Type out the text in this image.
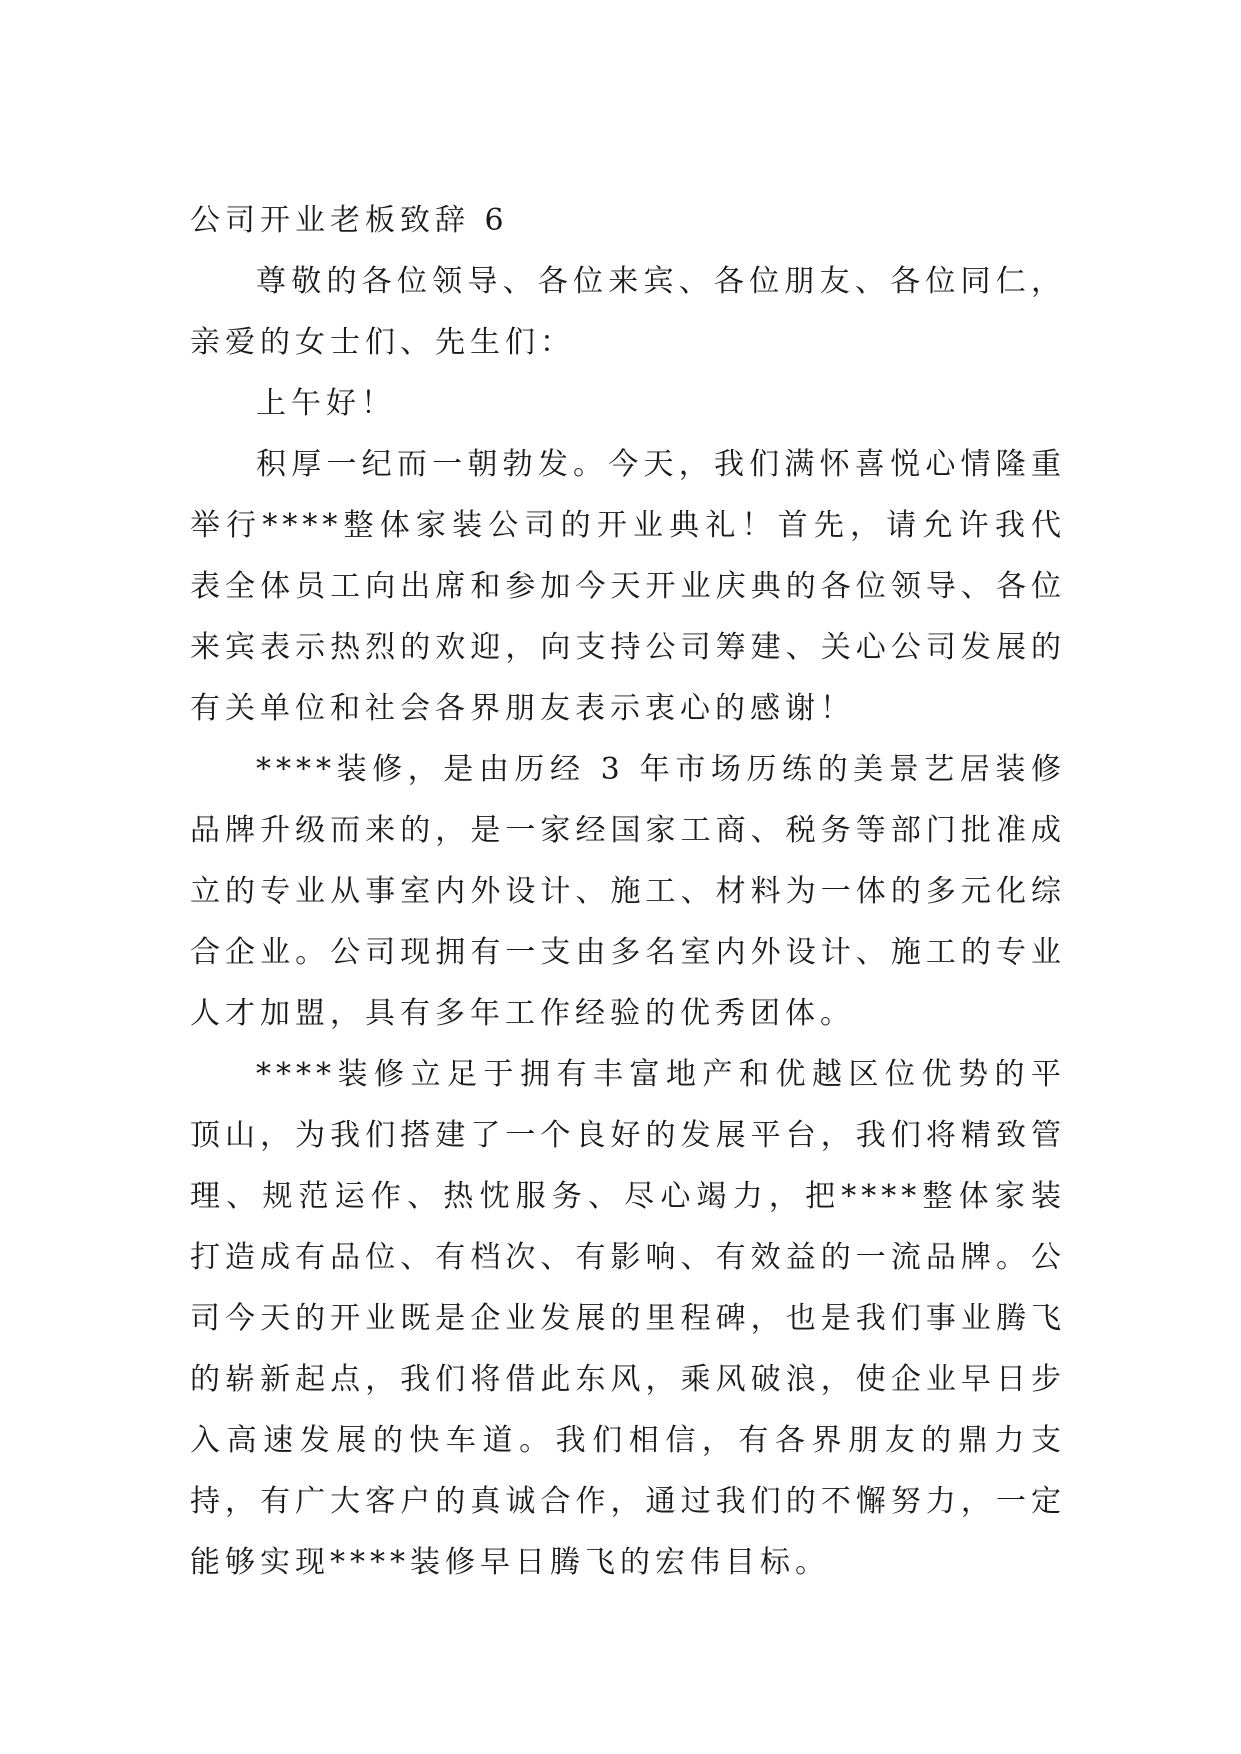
公司开业老板致辞 6

尊敬的各位领导、各位来宾、各位朋友、各位同仁，亲爱的女士们、先生们：

上午好！

积厚一纪而一朝勃发。今天，我们满怀喜悦心情隆重举行****整体家装公司的开业典礼！首先，请允许我代表全体员工向出席和参加今天开业庆典的各位领导、各位来宾表示热烈的欢迎，向支持公司筹建、关心公司发展的有关单位和社会各界朋友表示衷心的感谢！

****装修，是由历经 3 年市场历练的美景艺居装修品牌升级而来的，是一家经国家工商、税务等部门批准成立的专业从事室内外设计、施工、材料为一体的多元化综合企业。公司现拥有一支由多名室内外设计、施工的专业人才加盟，具有多年工作经验的优秀团体。

****装修立足于拥有丰富地产和优越区位优势的平顶山，为我们搭建了一个良好的发展平台，我们将精致管理、规范运作、热忱服务、尽心竭力，把****整体家装打造成有品位、有档次、有影响、有效益的一流品牌。公司今天的开业既是企业发展的里程碑，也是我们事业腾飞的崭新起点，我们将借此东风，乘风破浪，使企业早日步入高速发展的快车道。我们相信，有各界朋友的鼎力支持，有广大客户的真诚合作，通过我们的不懈努力，一定能够实现****装修早日腾飞的宏伟目标。
